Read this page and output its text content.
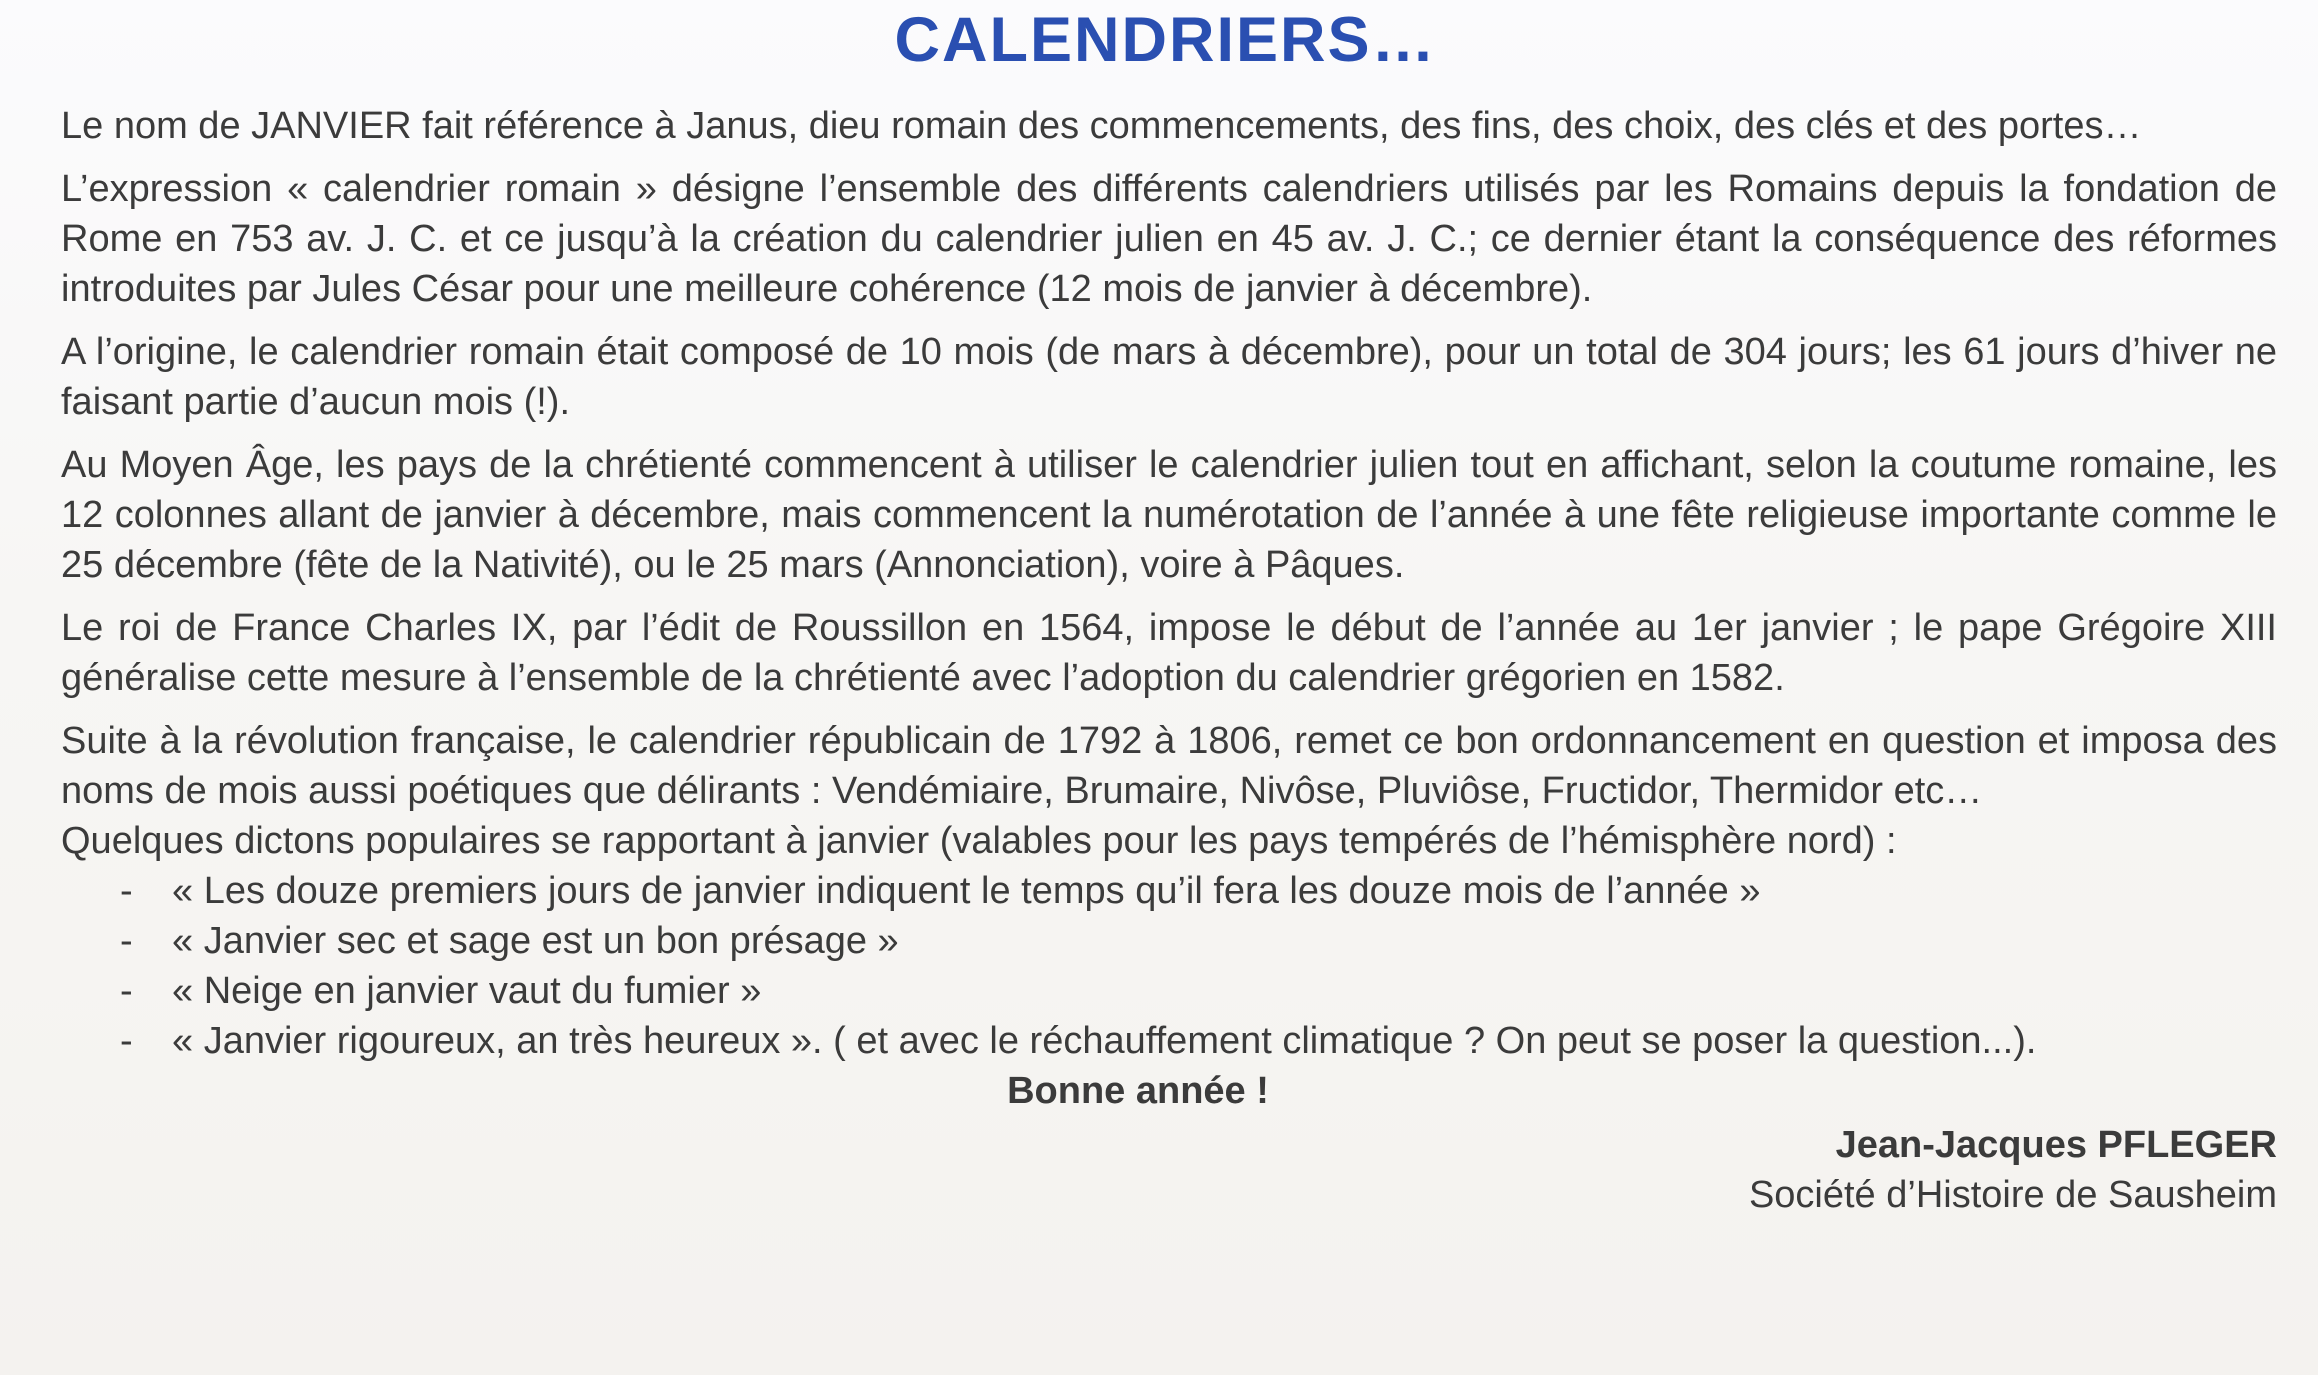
CALENDRIERS…

Le nom de JANVIER fait référence à Janus, dieu romain des commencements, des fins, des choix, des clés et des portes…

L’expression « calendrier romain » désigne l’ensemble des différents calendriers utilisés par les Romains depuis la fondation de Rome en 753 av. J. C. et ce jusqu’à la création du calendrier julien en 45 av. J. C.; ce dernier étant la conséquence des réformes introduites par Jules César pour une meilleure cohérence (12 mois de janvier à décembre).

A l’origine, le calendrier romain était composé de 10 mois (de mars à décembre), pour un total de 304 jours; les 61 jours d’hiver ne faisant partie d’aucun mois (!).

Au Moyen Âge, les pays de la chrétienté commencent à utiliser le calendrier julien tout en affichant, selon la coutume romaine, les 12 colonnes allant de janvier à décembre, mais commencent la numérotation de l’année à une fête religieuse importante comme le 25 décembre (fête de la Nativité), ou le 25 mars (Annonciation), voire à Pâques.

Le roi de France Charles IX, par l’édit de Roussillon en 1564, impose le début de l’année au 1er janvier ; le pape Grégoire XIII généralise cette mesure à l’ensemble de la chrétienté avec l’adoption du calendrier grégorien en 1582.

Suite à la révolution française, le calendrier républicain de 1792 à 1806, remet ce bon ordonnancement en question et imposa des noms de mois aussi poétiques que délirants : Vendémiaire, Brumaire, Nivôse, Pluviôse, Fructidor, Thermidor etc…

Quelques dictons populaires se rapportant à janvier (valables pour les pays tempérés de l’hémisphère nord) :

- « Les douze premiers jours de janvier indiquent le temps qu’il fera les douze mois de l’année »
- « Janvier sec et sage est un bon présage »
- « Neige en janvier vaut du fumier »
- « Janvier rigoureux, an très heureux ». ( et avec le réchauffement climatique ? On peut se poser la question...).

Bonne année !

Jean-Jacques PFLEGER
Société d’Histoire de Sausheim
